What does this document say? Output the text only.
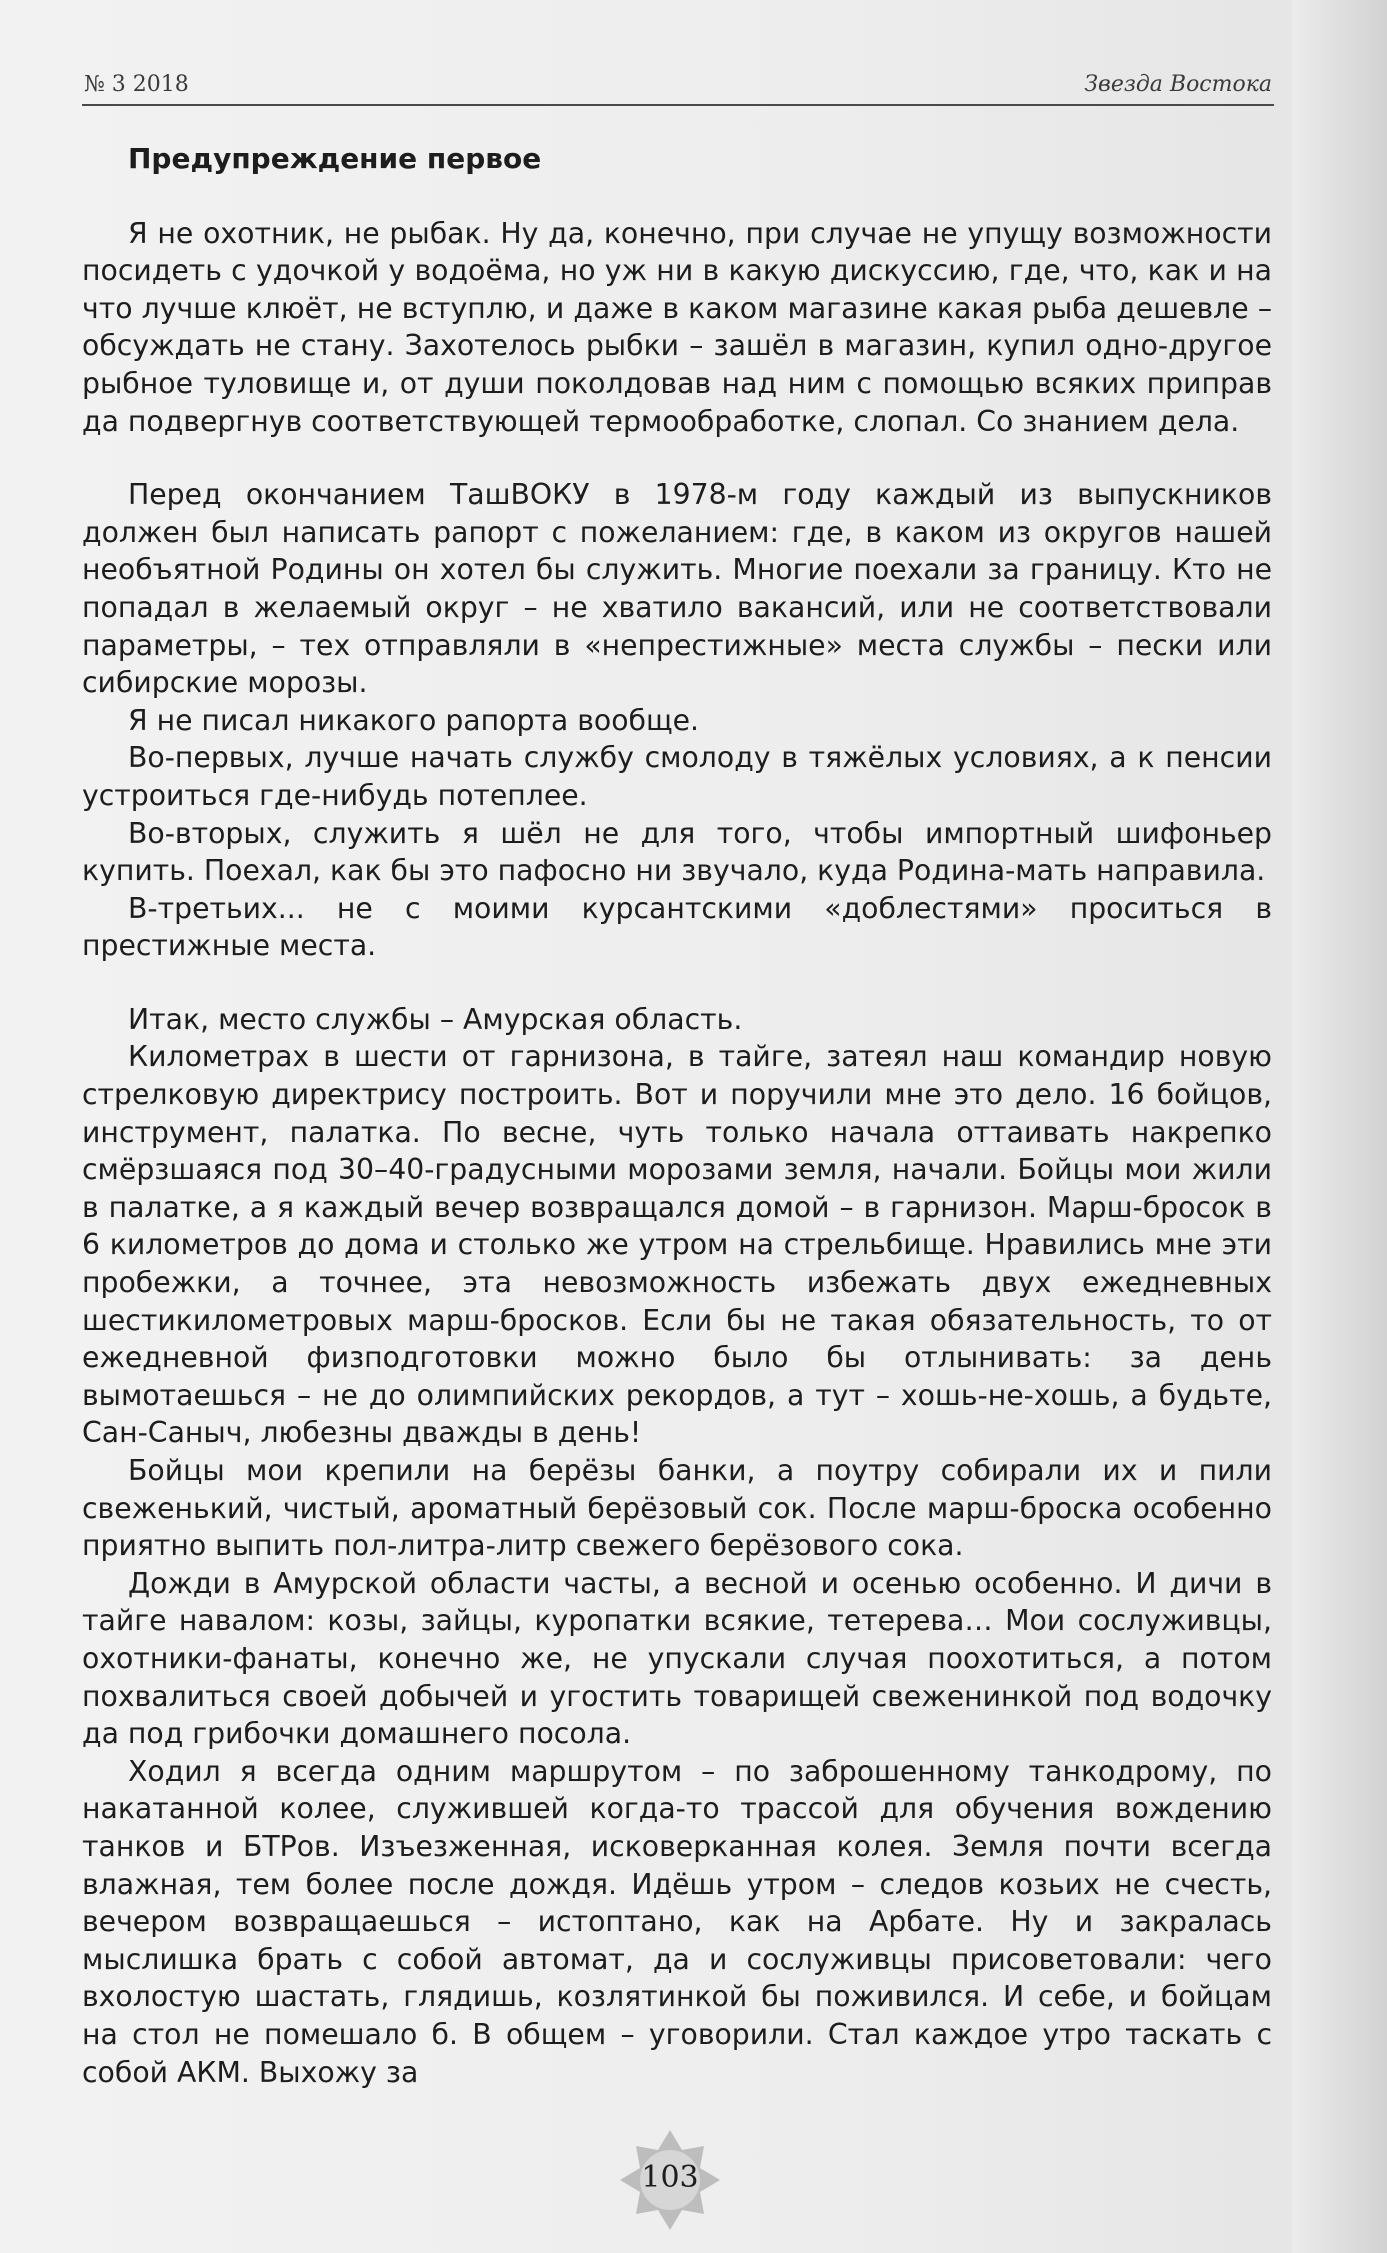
№ 3 2018	Звезда Востока
Предупреждение первое

Я не охотник, не рыбак. Ну да, конечно, при случае не упущу возможности посидеть с удочкой у водоёма, но уж ни в какую дискуссию, где, что, как и на что лучше клюёт, не вступлю, и даже в каком магазине какая рыба дешевле – обсуждать не стану. Захотелось рыбки – зашёл в магазин, купил одно-другое рыбное туловище и, от души поколдовав над ним с помощью всяких приправ да подвергнув соответствующей термообработке, слопал. Со знанием дела.

Перед окончанием ТашВОКУ в 1978-м году каждый из выпускников должен был написать рапорт с пожеланием: где, в каком из округов нашей необъятной Родины он хотел бы служить. Многие поехали за границу. Кто не попадал в желаемый округ – не хватило вакансий, или не соответствовали параметры, – тех отправляли в «непрестижные» места службы – пески или сибирские морозы.

Я не писал никакого рапорта вообще.

Во-первых, лучше начать службу смолоду в тяжёлых условиях, а к пенсии устроиться где-нибудь потеплее.

Во-вторых, служить я шёл не для того, чтобы импортный шифоньер купить. Поехал, как бы это пафосно ни звучало, куда Родина-мать направила.

В-третьих... не с моими курсантскими «доблестями» проситься в престижные места.

Итак, место службы – Амурская область.

Километрах в шести от гарнизона, в тайге, затеял наш командир новую стрелковую директрису построить. Вот и поручили мне это дело. 16 бойцов, инструмент, палатка. По весне, чуть только начала оттаивать накрепко смёрзшаяся под 30–40-градусными морозами земля, начали. Бойцы мои жили в палатке, а я каждый вечер возвращался домой – в гарнизон. Марш-бросок в 6 километров до дома и столько же утром на стрельбище. Нравились мне эти пробежки, а точнее, эта невозможность избежать двух ежедневных шестикилометровых марш-бросков. Если бы не такая обязательность, то от ежедневной физподготовки можно было бы отлынивать: за день вымотаешься – не до олимпийских рекордов, а тут – хошь-не-хошь, а будьте, Сан-Саныч, любезны дважды в день!

Бойцы мои крепили на берёзы банки, а поутру собирали их и пили свеженький, чистый, ароматный берёзовый сок. После марш-броска особенно приятно выпить пол-литра-литр свежего берёзового сока.

Дожди в Амурской области часты, а весной и осенью особенно. И дичи в тайге навалом: козы, зайцы, куропатки всякие, тетерева… Мои сослуживцы, охотники-фанаты, конечно же, не упускали случая поохотиться, а потом похвалиться своей добычей и угостить товарищей свеженинкой под водочку да под грибочки домашнего посола.

Ходил я всегда одним маршрутом – по заброшенному танкодрому, по накатанной колее, служившей когда-то трассой для обучения вождению танков и БТРов. Изъезженная, исковерканная колея. Земля почти всегда влажная, тем более после дождя. Идёшь утром – следов козьих не счесть, вечером возвращаешься – истоптано, как на Арбате. Ну и закралась мыслишка брать с собой автомат, да и сослуживцы присоветовали: чего вхолостую шастать, глядишь, козлятинкой бы поживился. И себе, и бойцам на стол не помешало б. В общем – уговорили. Стал каждое утро таскать с собой АКМ. Выхожу за

103
